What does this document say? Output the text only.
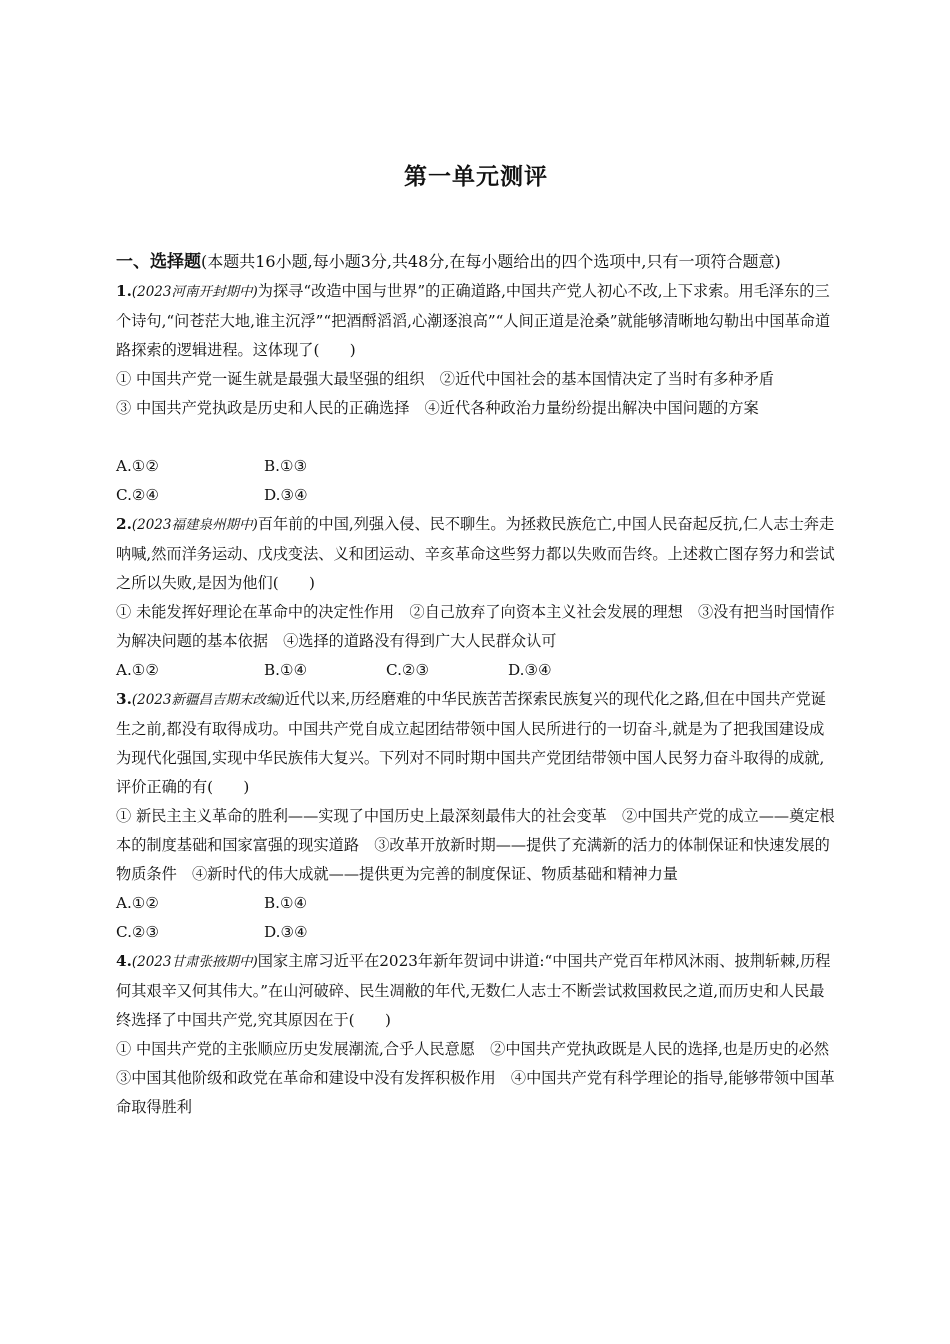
第一单元测评

一、选择题(本题共16小题,每小题3分,共48分,在每小题给出的四个选项中,只有一项符合题意)

1.(2023河南开封期中)为探寻“改造中国与世界”的正确道路,中国共产党人初心不改,上下求索。用毛泽东的三个诗句,“问苍茫大地,谁主沉浮”“把酒酹滔滔,心潮逐浪高”“人间正道是沧桑”就能够清晰地勾勒出中国革命道路探索的逻辑进程。这体现了(　　)

① 中国共产党一诞生就是最强大最坚强的组织　②近代中国社会的基本国情决定了当时有多种矛盾

③ 中国共产党执政是历史和人民的正确选择　④近代各种政治力量纷纷提出解决中国问题的方案

A.①②	B.①③
C.②④	D.③④

2.(2023福建泉州期中)百年前的中国,列强入侵、民不聊生。为拯救民族危亡,中国人民奋起反抗,仁人志士奔走呐喊,然而洋务运动、戊戌变法、义和团运动、辛亥革命这些努力都以失败而告终。上述救亡图存努力和尝试之所以失败,是因为他们(　　)

① 未能发挥好理论在革命中的决定性作用　②自己放弃了向资本主义社会发展的理想　③没有把当时国情作为解决问题的基本依据　④选择的道路没有得到广大人民群众认可

A.①②	B.①④	C.②③	D.③④

3.(2023新疆昌吉期末改编)近代以来,历经磨难的中华民族苦苦探索民族复兴的现代化之路,但在中国共产党诞生之前,都没有取得成功。中国共产党自成立起团结带领中国人民所进行的一切奋斗,就是为了把我国建设成为现代化强国,实现中华民族伟大复兴。下列对不同时期中国共产党团结带领中国人民努力奋斗取得的成就,评价正确的有(　　)

① 新民主主义革命的胜利——实现了中国历史上最深刻最伟大的社会变革　②中国共产党的成立——奠定根本的制度基础和国家富强的现实道路　③改革开放新时期——提供了充满新的活力的体制保证和快速发展的物质条件　④新时代的伟大成就——提供更为完善的制度保证、物质基础和精神力量

A.①②	B.①④
C.②③	D.③④

4.(2023甘肃张掖期中)国家主席习近平在2023年新年贺词中讲道:“中国共产党百年栉风沐雨、披荆斩棘,历程何其艰辛又何其伟大。”在山河破碎、民生凋敝的年代,无数仁人志士不断尝试救国救民之道,而历史和人民最终选择了中国共产党,究其原因在于(　　)

① 中国共产党的主张顺应历史发展潮流,合乎人民意愿　②中国共产党执政既是人民的选择,也是历史的必然　③中国其他阶级和政党在革命和建设中没有发挥积极作用　④中国共产党有科学理论的指导,能够带领中国革命取得胜利
